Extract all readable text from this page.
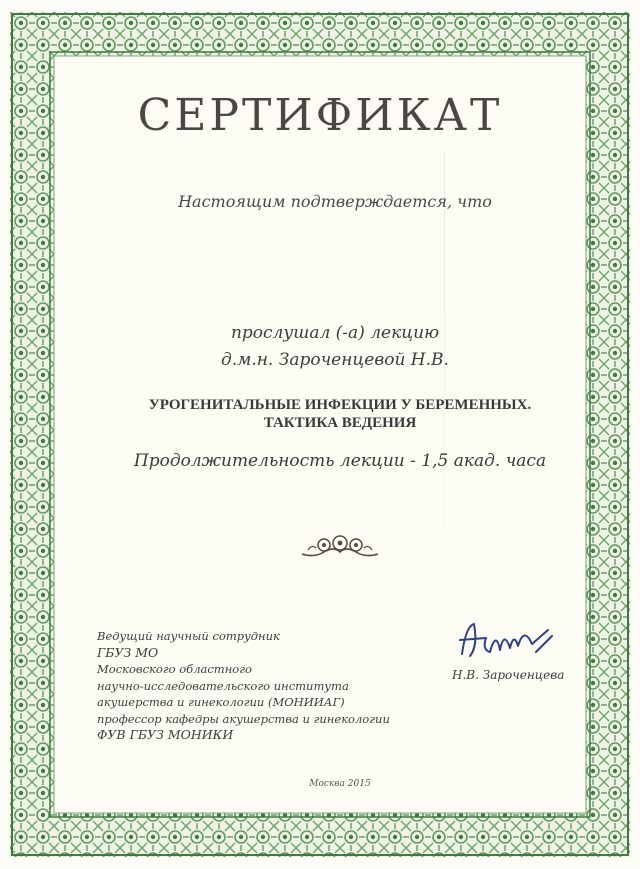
СЕРТИФИКАТ
Настоящим подтверждается, что
прослушал (-а) лекцию
д.м.н. Зароченцевой Н.В.
УРОГЕНИТАЛЬНЫЕ ИНФЕКЦИИ У БЕРЕМЕННЫХ.
ТАКТИКА ВЕДЕНИЯ
Продолжительность лекции - 1,5 акад. часа
Ведущий научный сотрудник
ГБУЗ МО
Московского областного
научно-исследовательского института
акушерства и гинекологии (МОНИИАГ)
профессор кафедры акушерства и гинекологии
ФУВ ГБУЗ МОНИКИ
Н.В. Зароченцева
Москва 2015
